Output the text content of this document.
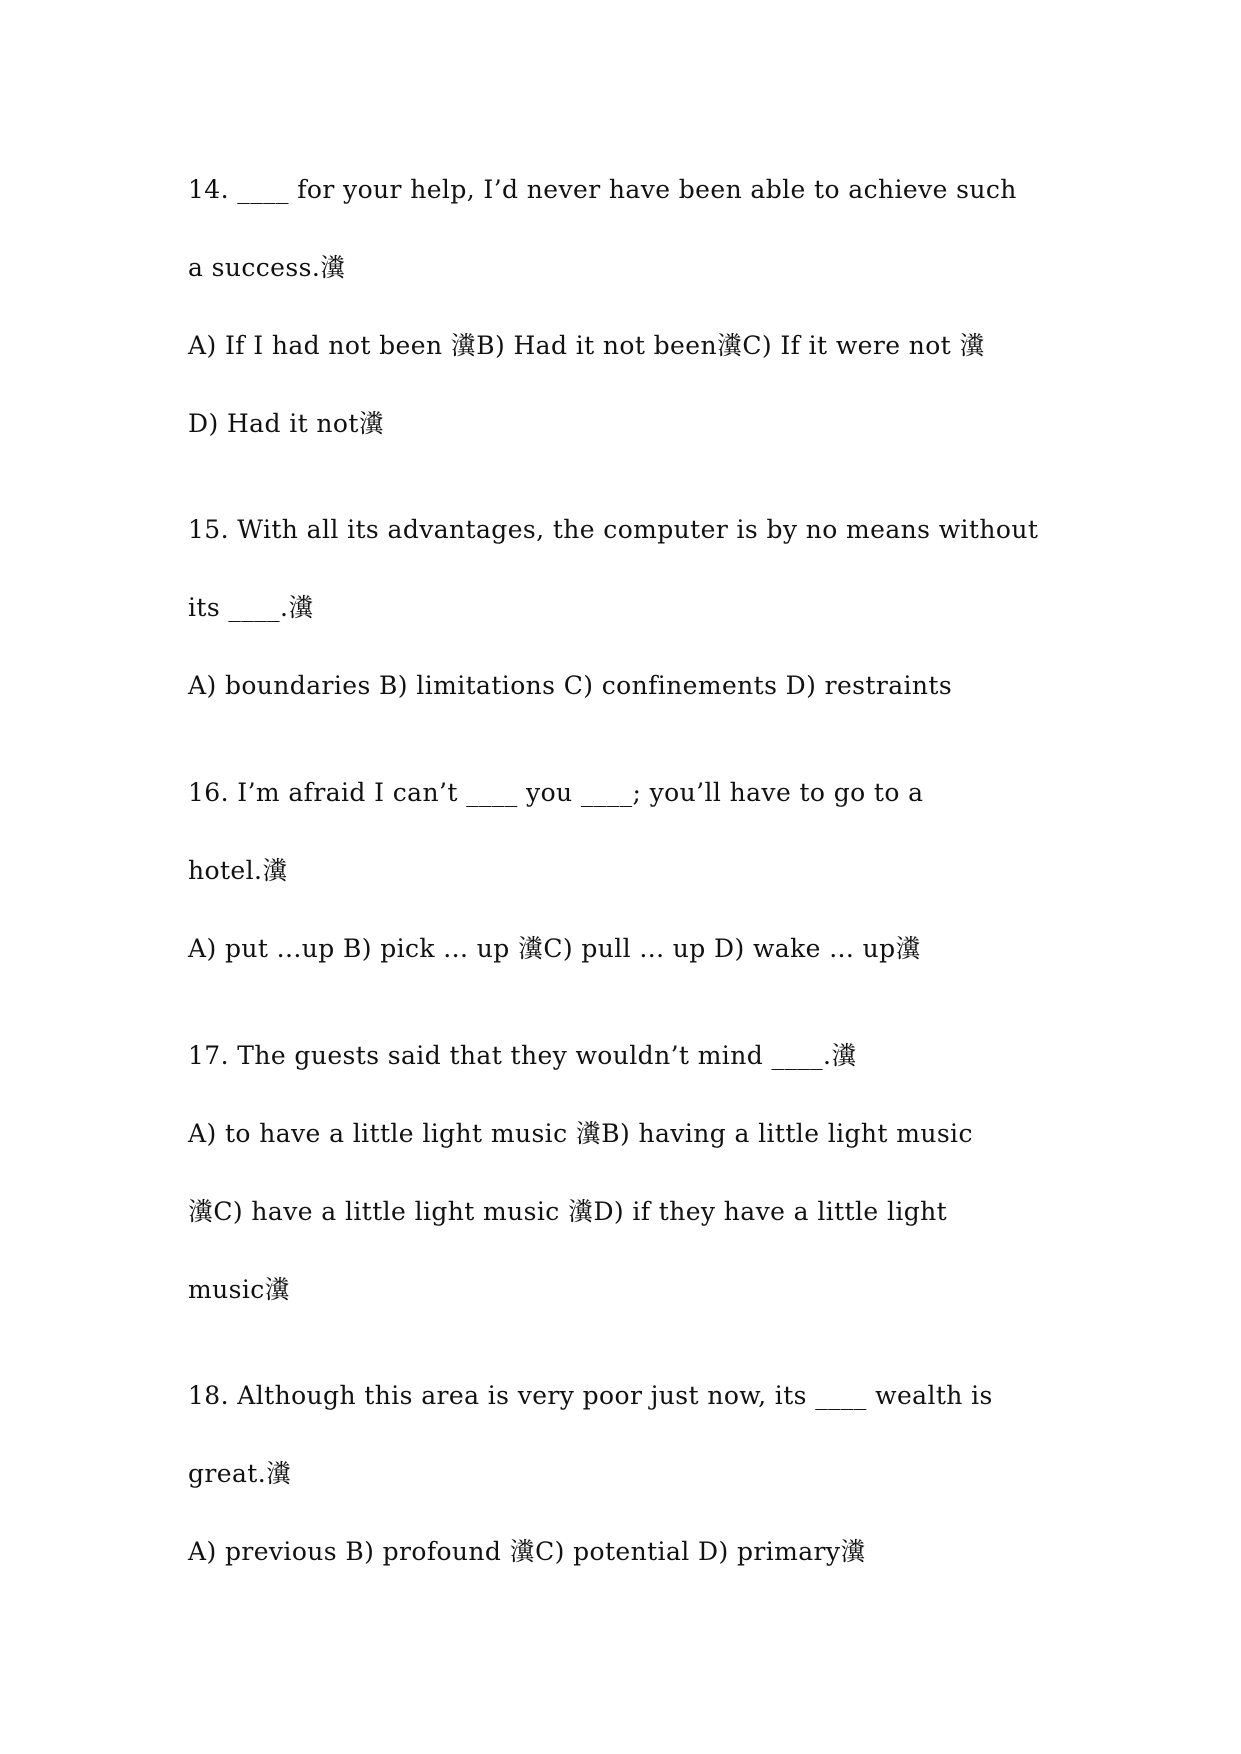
14. ____ for your help, I’d never have been able to achieve such
a success.瀵
A) If I had not been 瀵B) Had it not been瀵C) If it were not 瀵
D) Had it not瀵
15. With all its advantages, the computer is by no means without
its ____.瀵
A) boundaries B) limitations C) confinements D) restraints
16. I’m afraid I can’t ____ you ____; you’ll have to go to a
hotel.瀵
A) put ...up B) pick ... up 瀵C) pull ... up D) wake ... up瀵
17. The guests said that they wouldn’t mind ____.瀵
A) to have a little light music 瀵B) having a little light music
瀵C) have a little light music 瀵D) if they have a little light
music瀵
18. Although this area is very poor just now, its ____ wealth is
great.瀵
A) previous B) profound 瀵C) potential D) primary瀵
